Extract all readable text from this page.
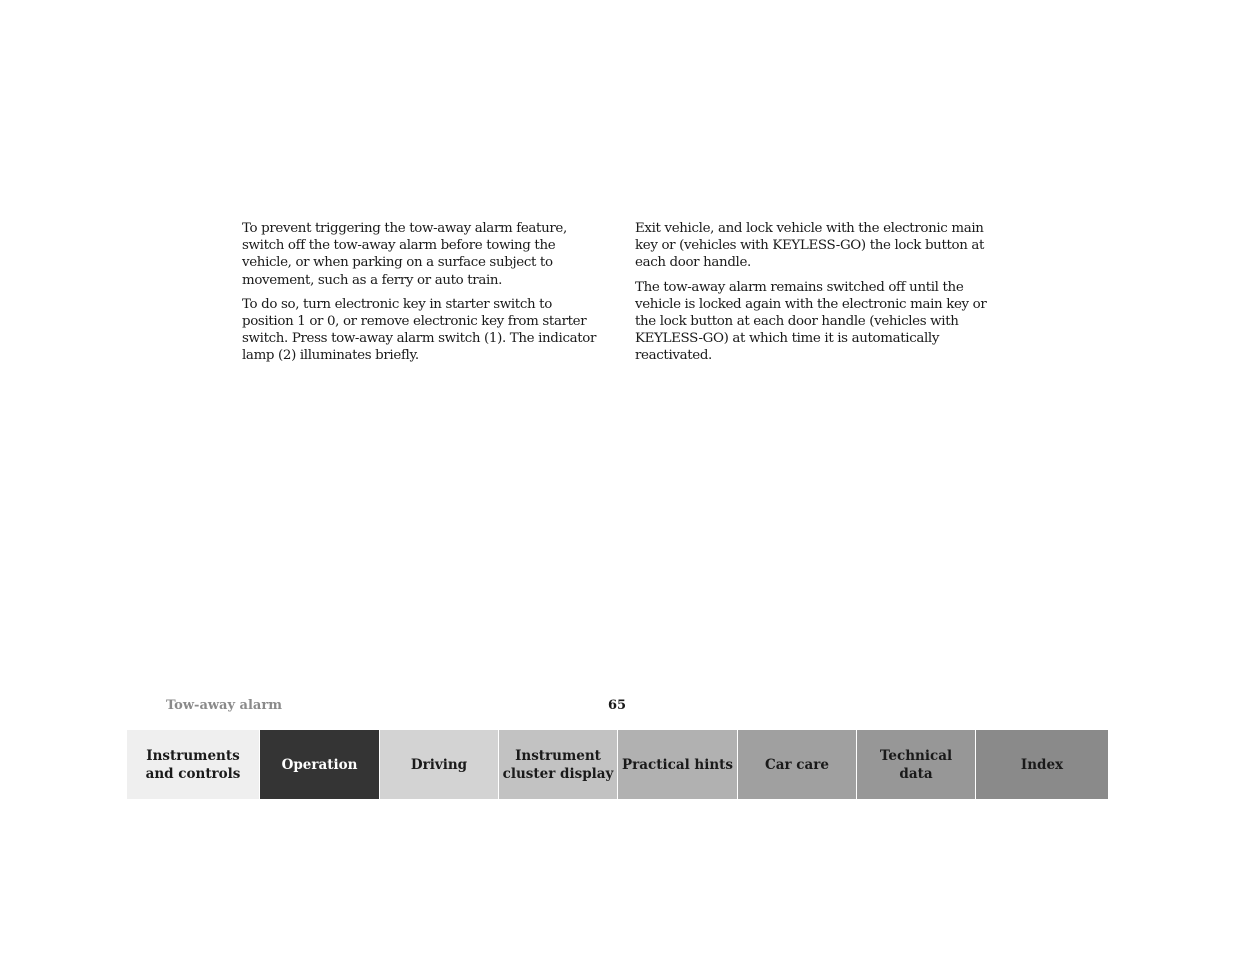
To prevent triggering the tow-away alarm feature, switch off the tow-away alarm before towing the vehicle, or when parking on a surface subject to movement, such as a ferry or auto train.

To do so, turn electronic key in starter switch to position 1 or 0, or remove electronic key from starter switch. Press tow-away alarm switch (1). The indicator lamp (2) illuminates briefly.

Exit vehicle, and lock vehicle with the electronic main key or (vehicles with KEYLESS-GO) the lock button at each door handle.

The tow-away alarm remains switched off until the vehicle is locked again with the electronic main key or the lock button at each door handle (vehicles with KEYLESS-GO) at which time it is automatically reactivated.

Tow-away alarm	65
Instruments
and controls
Operation	Driving
Instrument
cluster display
Practical hints	Car care
Technical
data
Index
